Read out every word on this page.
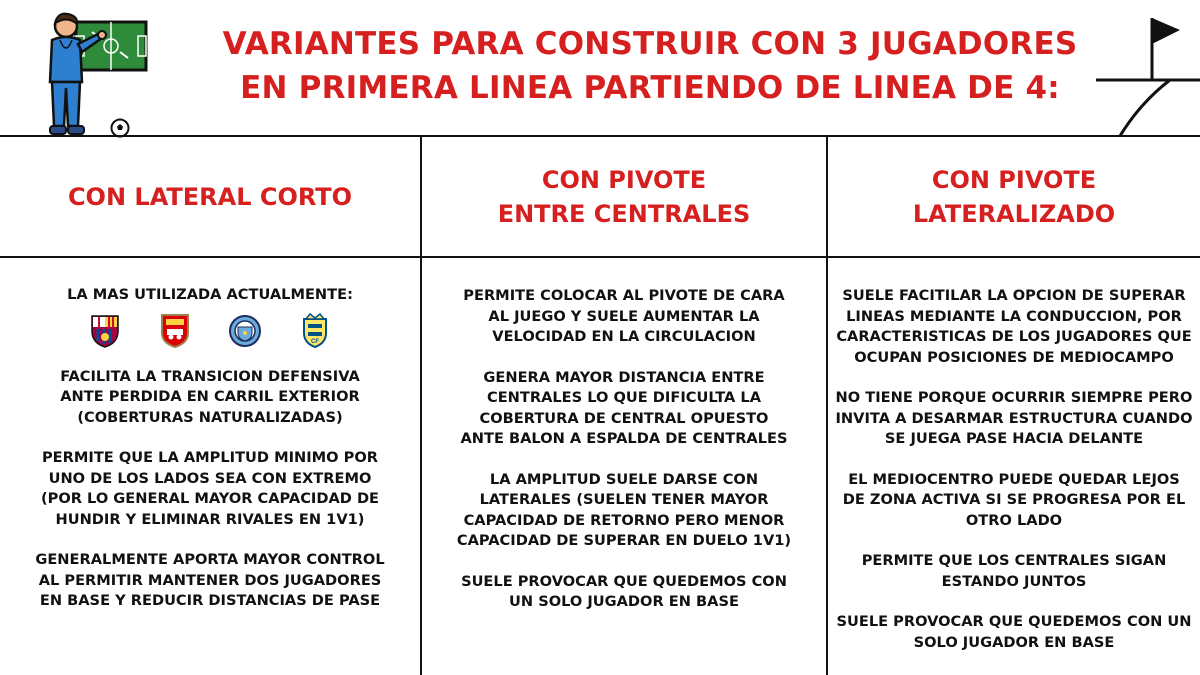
VARIANTES PARA CONSTRUIR CON 3 JUGADORES
EN PRIMERA LINEA PARTIENDO DE LINEA DE 4:
CON LATERAL CORTO
CON PIVOTE
ENTRE CENTRALES
CON PIVOTE
LATERALIZADO
LA MAS UTILIZADA ACTUALMENTE:
CF

FACILITA LA TRANSICION DEFENSIVA
ANTE PERDIDA EN CARRIL EXTERIOR
(COBERTURAS NATURALIZADAS)

PERMITE QUE LA AMPLITUD MINIMO POR
UNO DE LOS LADOS SEA CON EXTREMO
(POR LO GENERAL MAYOR CAPACIDAD DE
HUNDIR Y ELIMINAR RIVALES EN 1V1)

GENERALMENTE APORTA MAYOR CONTROL
AL PERMITIR MANTENER DOS JUGADORES
EN BASE Y REDUCIR DISTANCIAS DE PASE

PERMITE COLOCAR AL PIVOTE DE CARA
AL JUEGO Y SUELE AUMENTAR LA
VELOCIDAD EN LA CIRCULACION

GENERA MAYOR DISTANCIA ENTRE
CENTRALES LO QUE DIFICULTA LA
COBERTURA DE CENTRAL OPUESTO
ANTE BALON A ESPALDA DE CENTRALES

LA AMPLITUD SUELE DARSE CON
LATERALES (SUELEN TENER MAYOR
CAPACIDAD DE RETORNO PERO MENOR
CAPACIDAD DE SUPERAR EN DUELO 1V1)

SUELE PROVOCAR QUE QUEDEMOS CON
UN SOLO JUGADOR EN BASE

SUELE FACITILAR LA OPCION DE SUPERAR
LINEAS MEDIANTE LA CONDUCCION, POR
CARACTERISTICAS DE LOS JUGADORES QUE
OCUPAN POSICIONES DE MEDIOCAMPO

NO TIENE PORQUE OCURRIR SIEMPRE PERO
INVITA A DESARMAR ESTRUCTURA CUANDO
SE JUEGA PASE HACIA DELANTE

EL MEDIOCENTRO PUEDE QUEDAR LEJOS
DE ZONA ACTIVA SI SE PROGRESA POR EL
OTRO LADO

PERMITE QUE LOS CENTRALES SIGAN
ESTANDO JUNTOS

SUELE PROVOCAR QUE QUEDEMOS CON UN
SOLO JUGADOR EN BASE
